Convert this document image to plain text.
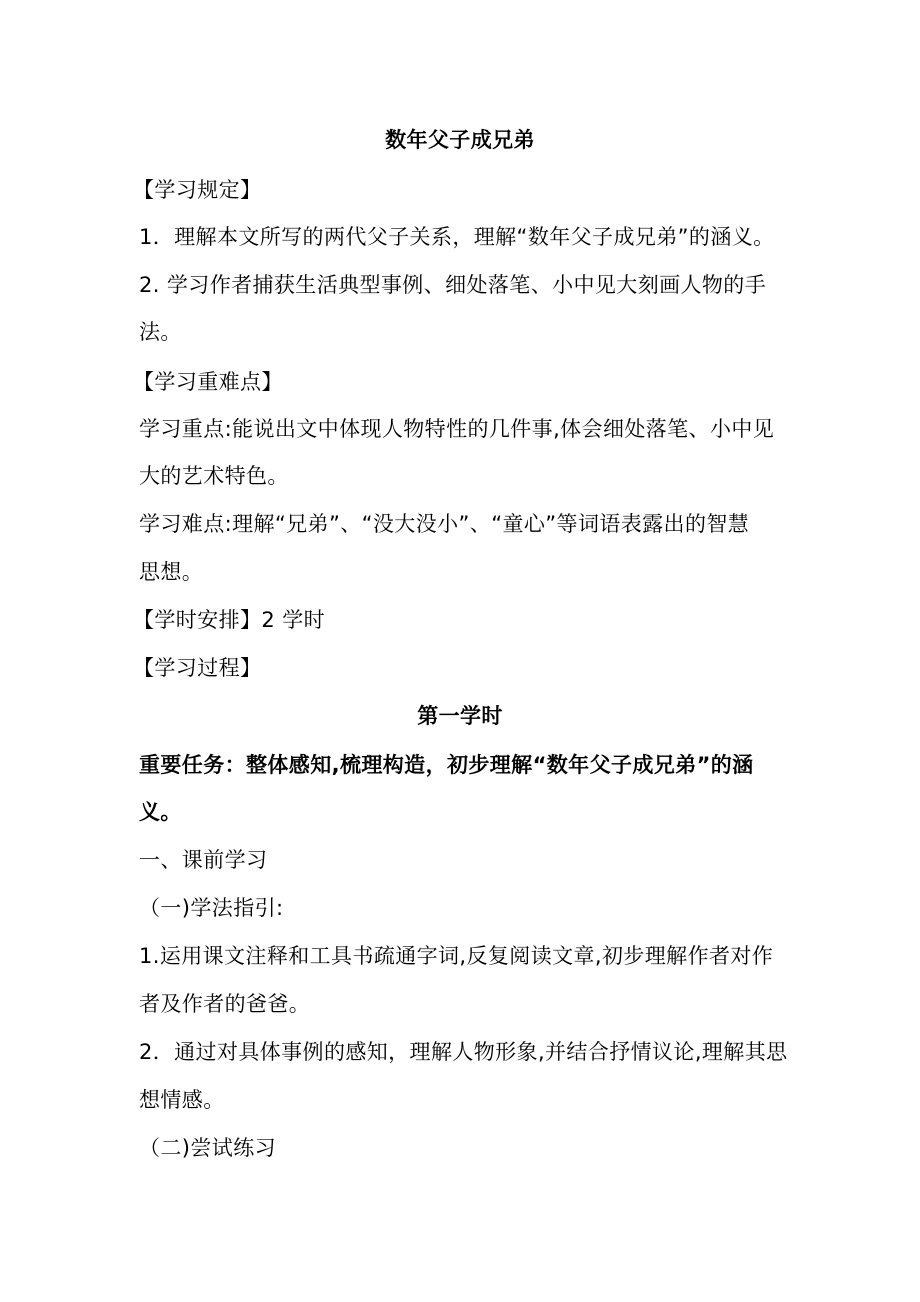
数年父子成兄弟

【学习规定】

1．理解本文所写的两代父子关系，理解“数年父子成兄弟”的涵义。

2. 学习作者捕获生活典型事例、细处落笔、小中见大刻画人物的手

法。

【学习重难点】

学习重点:能说出文中体现人物特性的几件事,体会细处落笔、小中见

大的艺术特色。

学习难点:理解“兄弟”、“没大没小”、“童心”等词语表露出的智慧

思想。

【学时安排】2 学时

【学习过程】

第一学时

重要任务：整体感知,梳理构造，初步理解“数年父子成兄弟”的涵

义。

一、课前学习

（一)学法指引:

1.运用课文注释和工具书疏通字词,反复阅读文章,初步理解作者对作

者及作者的爸爸。

2．通过对具体事例的感知，理解人物形象,并结合抒情议论,理解其思

想情感。

（二)尝试练习
